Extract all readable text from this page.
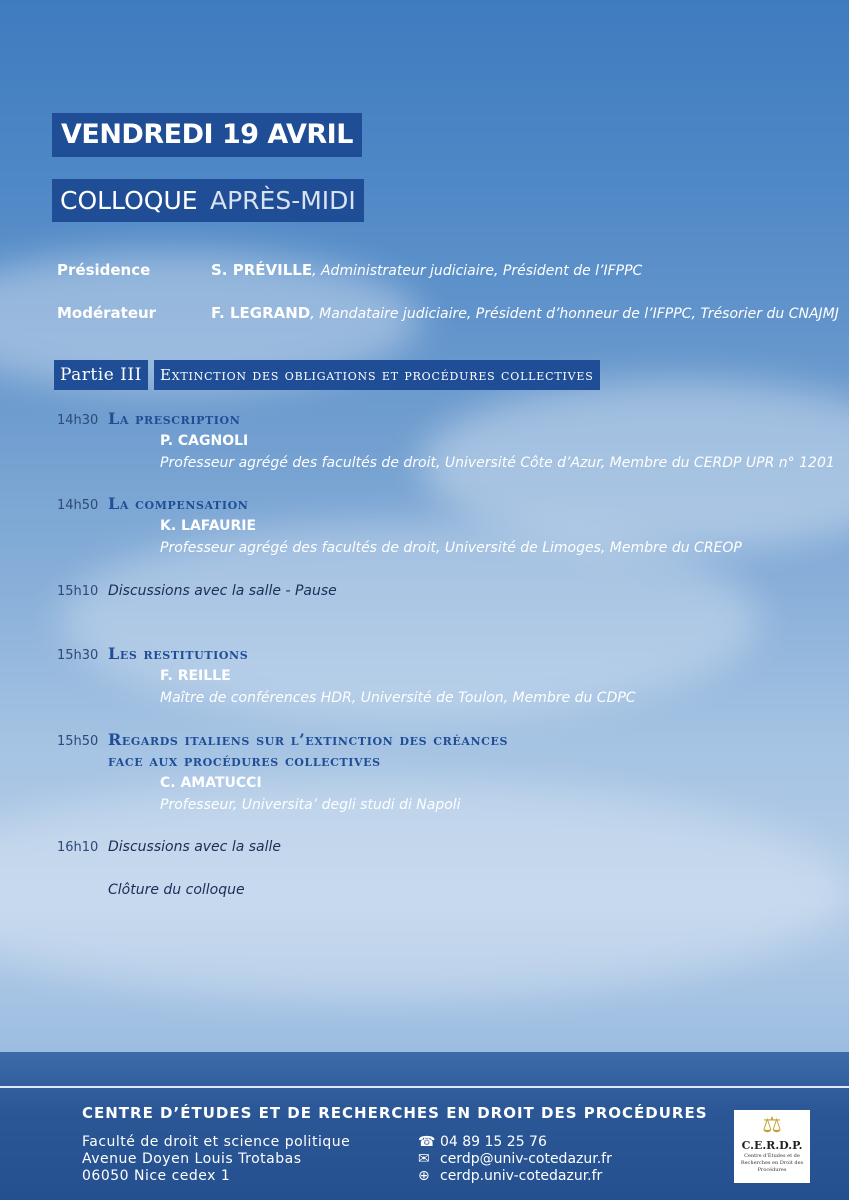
VENDREDI 19 AVRIL
COLLOQUE APRÈS-MIDI
Présidence	S. PRÉVILLE, Administrateur judiciaire, Président de l’IFPPC
Modérateur	F. LEGRAND, Mandataire judiciaire, Président d’honneur de l’IFPPC, Trésorier du CNAJMJ
Partie III	Extinction des obligations et procédures collectives
14h30 La prescription
P. CAGNOLI
Professeur agrégé des facultés de droit, Université Côte d’Azur, Membre du CERDP UPR n° 1201
14h50 La compensation
K. LAFAURIE
Professeur agrégé des facultés de droit, Université de Limoges, Membre du CREOP
15h10 Discussions avec la salle - Pause
15h30 Les restitutions
F. REILLE
Maître de conférences HDR, Université de Toulon, Membre du CDPC
15h50 Regards italiens sur l’extinction des créances
face aux procédures collectives
C. AMATUCCI
Professeur, Universita’ degli studi di Napoli
16h10 Discussions avec la salle
Clôture du colloque
CENTRE D’ÉTUDES ET DE RECHERCHES EN DROIT DES PROCÉDURES
Faculté de droit et science politique
Avenue Doyen Louis Trotabas
06050 Nice cedex 1
☎ 04 89 15 25 76
✉ cerdp@univ-cotedazur.fr
⊕ cerdp.univ-cotedazur.fr
⚖
C.E.R.D.P.
Centre d’Études et de Recherches en Droit des Procédures
